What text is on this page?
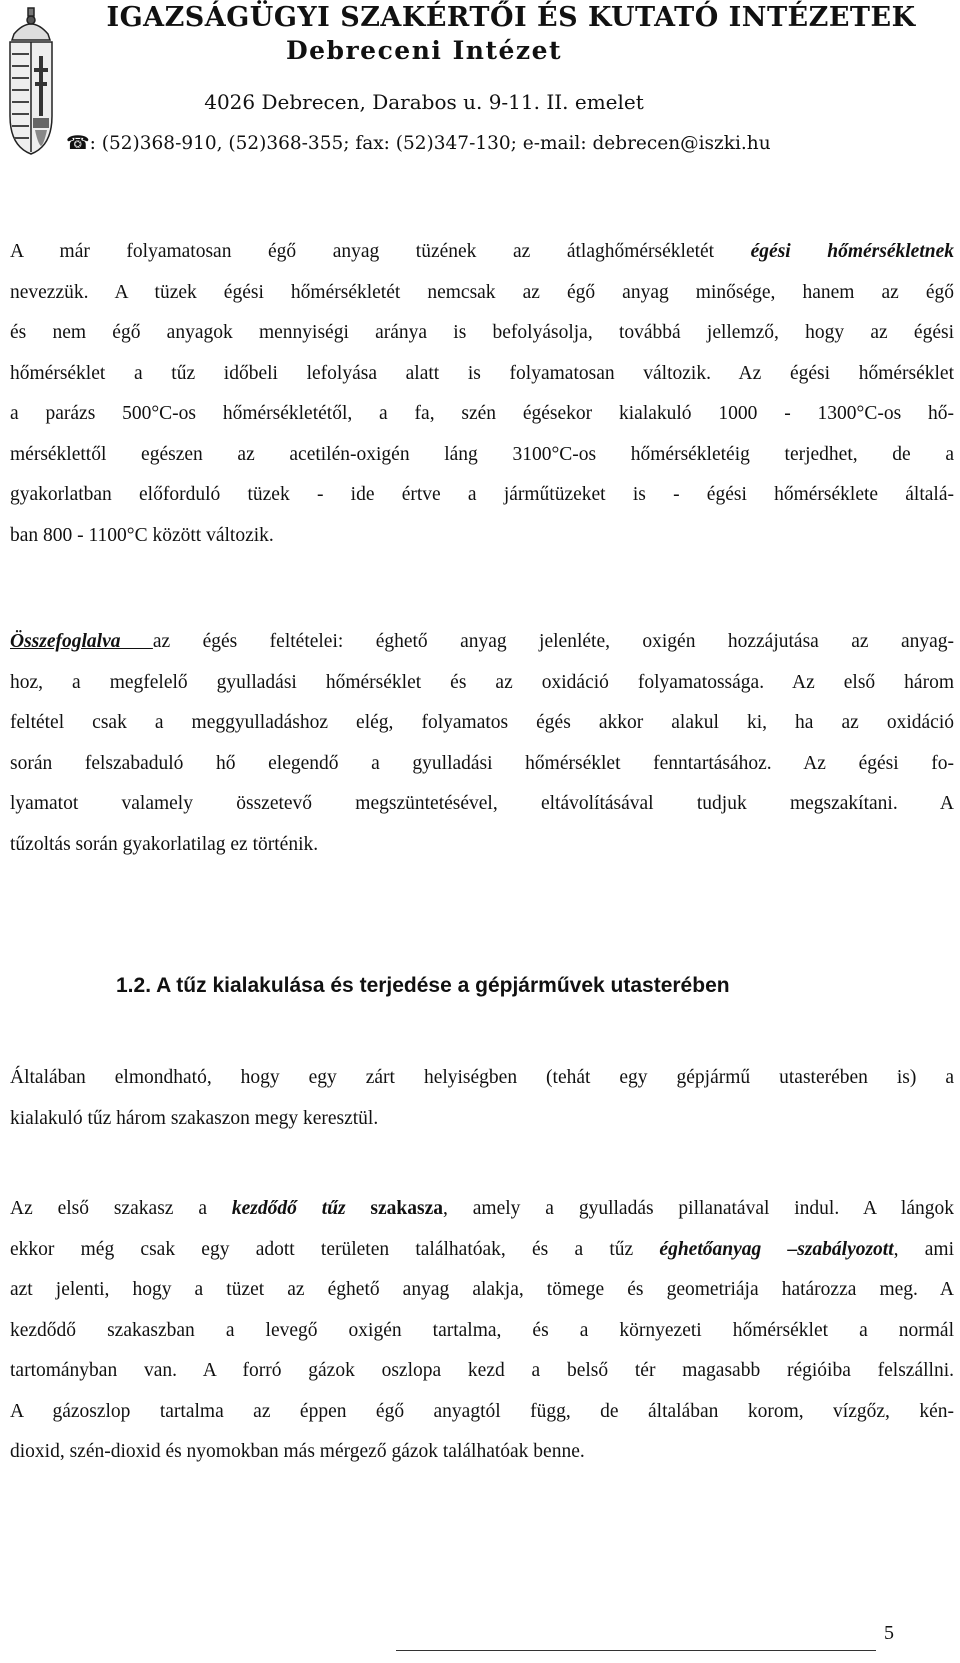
IGAZSÁGÜGYI SZAKÉRTŐI ÉS KUTATÓ INTÉZETEK
Debreceni Intézet
4026 Debrecen, Darabos u. 9-11. II. emelet
☎: (52)368-910, (52)368-355; fax: (52)347-130; e-mail: debrecen@iszki.hu
A már folyamatosan égő anyag tüzének az átlaghőmérsékletét égési hőmérsékletnek
nevezzük. A tüzek égési hőmérsékletét nemcsak az égő anyag minősége, hanem az égő
és nem égő anyagok mennyiségi aránya is befolyásolja, továbbá jellemző, hogy az égési
hőmérséklet a tűz időbeli lefolyása alatt is folyamatosan változik. Az égési hőmérséklet
a parázs 500°C-os hőmérsékletétől, a fa, szén égésekor kialakuló 1000 - 1300°C-os hő-
mérséklettől egészen az acetilén-oxigén láng 3100°C-os hőmérsékletéig terjedhet, de a
gyakorlatban előforduló tüzek - ide értve a járműtüzeket is - égési hőmérséklete általá-
ban 800 - 1100°C között változik.
Összefoglalva az égés feltételei: éghető anyag jelenléte, oxigén hozzájutása az anyag-
hoz, a megfelelő gyulladási hőmérséklet és az oxidáció folyamatossága. Az első három
feltétel csak a meggyulladáshoz elég, folyamatos égés akkor alakul ki, ha az oxidáció
során felszabaduló hő elegendő a gyulladási hőmérséklet fenntartásához. Az égési fo-
lyamatot valamely összetevő megszüntetésével, eltávolításával tudjuk megszakítani. A
tűzoltás során gyakorlatilag ez történik.
1.2. A tűz kialakulása és terjedése a gépjárművek utasterében
Általában elmondható, hogy egy zárt helyiségben (tehát egy gépjármű utasterében is) a
kialakuló tűz három szakaszon megy keresztül.
Az első szakasz a kezdődő tűz szakasza, amely a gyulladás pillanatával indul. A lángok
ekkor még csak egy adott területen találhatóak, és a tűz éghetőanyag –szabályozott, ami
azt jelenti, hogy a tüzet az éghető anyag alakja, tömege és geometriája határozza meg. A
kezdődő szakaszban a levegő oxigén tartalma, és a környezeti hőmérséklet a normál
tartományban van. A forró gázok oszlopa kezd a belső tér magasabb régióiba felszállni.
A gázoszlop tartalma az éppen égő anyagtól függ, de általában korom, vízgőz, kén-
dioxid, szén-dioxid és nyomokban más mérgező gázok találhatóak benne.
5
